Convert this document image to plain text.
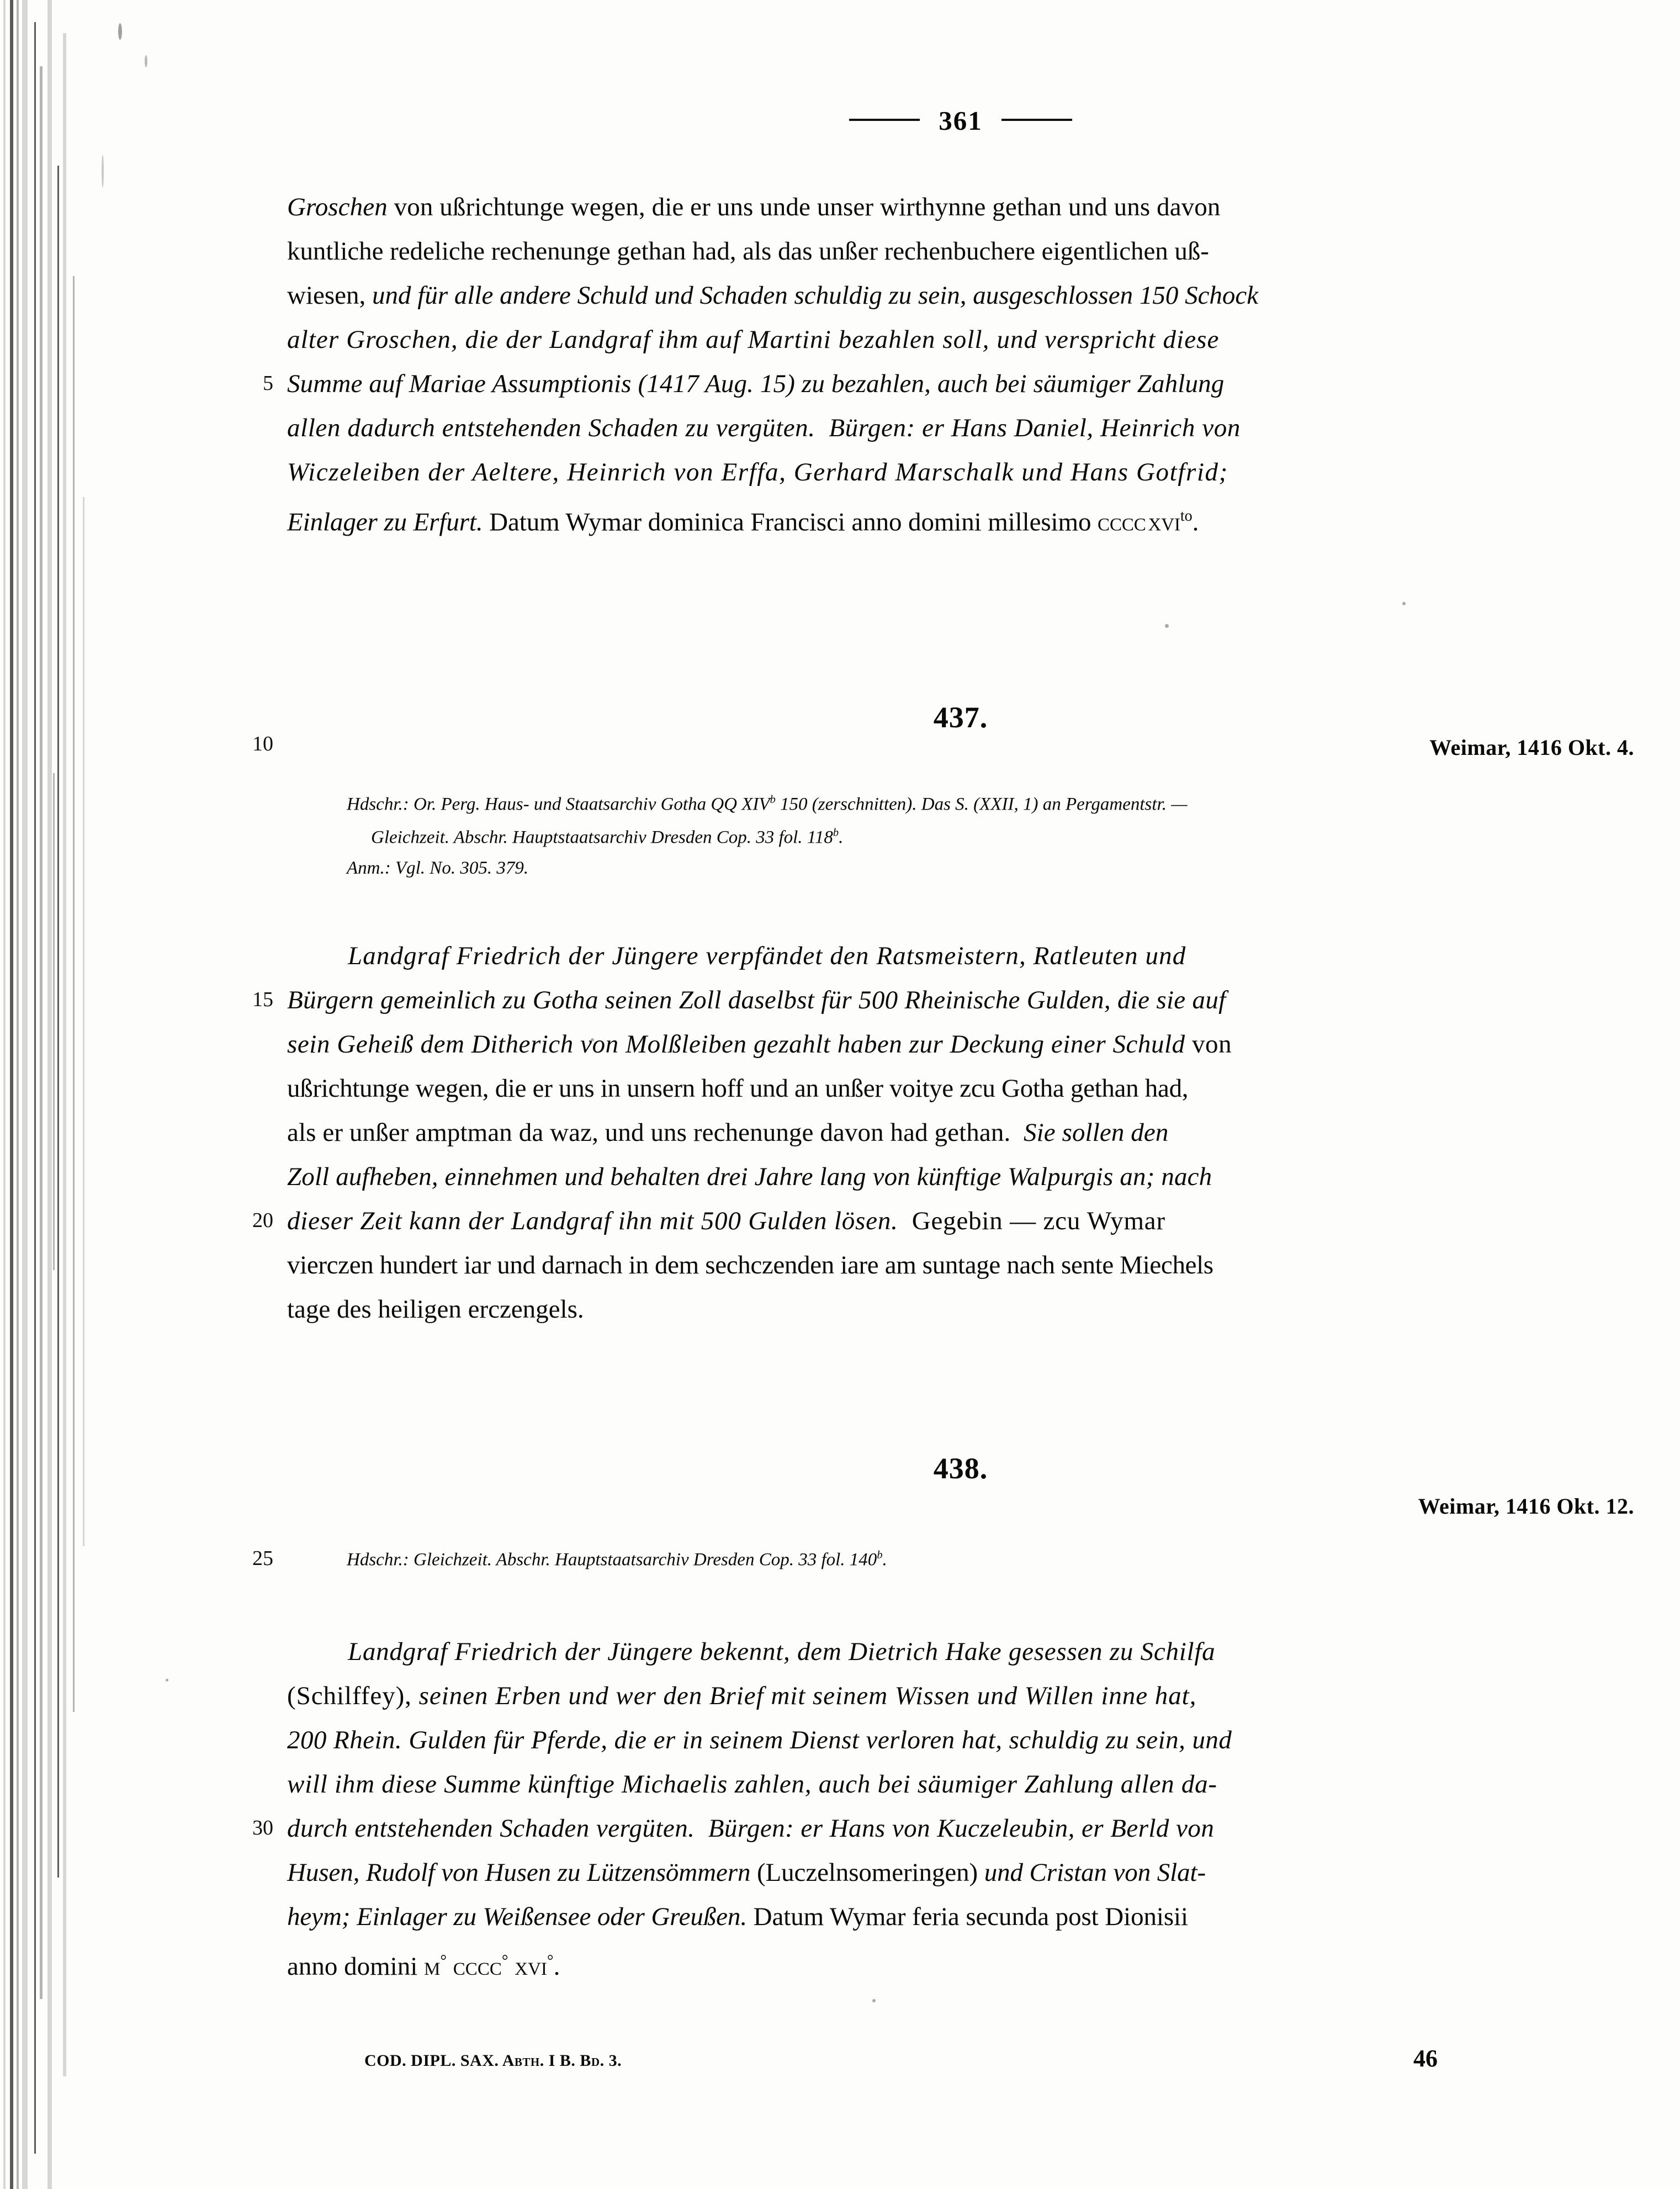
361
5
Groschen von ußrichtunge wegen, die er uns unde unser wirthynne gethan und uns davon
kuntliche redeliche rechenunge gethan had, als das unßer rechenbuchere eigentlichen uß-
wiesen, und für alle andere Schuld und Schaden schuldig zu sein, ausgeschlossen 150 Schock
alter Groschen, die der Landgraf ihm auf Martini bezahlen soll, und verspricht diese
Summe auf Mariae Assumptionis (1417 Aug. 15) zu bezahlen, auch bei säumiger Zahlung
allen dadurch entstehenden Schaden zu vergüten.  Bürgen: er Hans Daniel, Heinrich von
Wiczeleiben der Aeltere, Heinrich von Erffa, Gerhard Marschalk und Hans Gotfrid;
Einlager zu Erfurt. Datum Wymar dominica Francisci anno domini millesimo cccc xvi$^{to}$.
437.
10	Weimar, 1416 Okt. 4.
Hdschr.: Or. Perg. Haus- und Staatsarchiv Gotha QQ XIV$^b$ 150 (zerschnitten). Das S. (XXII, 1) an Pergamentstr. —
Gleichzeit. Abschr. Hauptstaatsarchiv Dresden Cop. 33 fol. 118$^b$.
Anm.: Vgl. No. 305. 379.
15
20
Landgraf Friedrich der Jüngere verpfändet den Ratsmeistern, Ratleuten und
Bürgern gemeinlich zu Gotha seinen Zoll daselbst für 500 Rheinische Gulden, die sie auf
sein Geheiß dem Ditherich von Molßleiben gezahlt haben zur Deckung einer Schuld von
ußrichtunge wegen, die er uns in unsern hoff und an unßer voitye zcu Gotha gethan had,
als er unßer amptman da waz, und uns rechenunge davon had gethan.  Sie sollen den
Zoll aufheben, einnehmen und behalten drei Jahre lang von künftige Walpurgis an; nach
dieser Zeit kann der Landgraf ihn mit 500 Gulden lösen.  Gegebin — zcu Wymar
vierczen hundert iar und darnach in dem sechczenden iare am suntage nach sente Miechels
tage des heiligen erczengels.
438.
Weimar, 1416 Okt. 12.
25	Hdschr.: Gleichzeit. Abschr. Hauptstaatsarchiv Dresden Cop. 33 fol. 140$^b$.
30
Landgraf Friedrich der Jüngere bekennt, dem Dietrich Hake gesessen zu Schilfa
(Schilffey), seinen Erben und wer den Brief mit seinem Wissen und Willen inne hat,
200 Rhein. Gulden für Pferde, die er in seinem Dienst verloren hat, schuldig zu sein, und
will ihm diese Summe künftige Michaelis zahlen, auch bei säumiger Zahlung allen da-
durch entstehenden Schaden vergüten.  Bürgen: er Hans von Kuczeleubin, er Berld von
Husen, Rudolf von Husen zu Lützensömmern (Luczelnsomeringen) und Cristan von Slat-
heym; Einlager zu Weißensee oder Greußen. Datum Wymar feria secunda post Dionisii
anno domini m° cccc° xvi°.
COD. DIPL. SAX. Abth. I B. Bd. 3.	46
